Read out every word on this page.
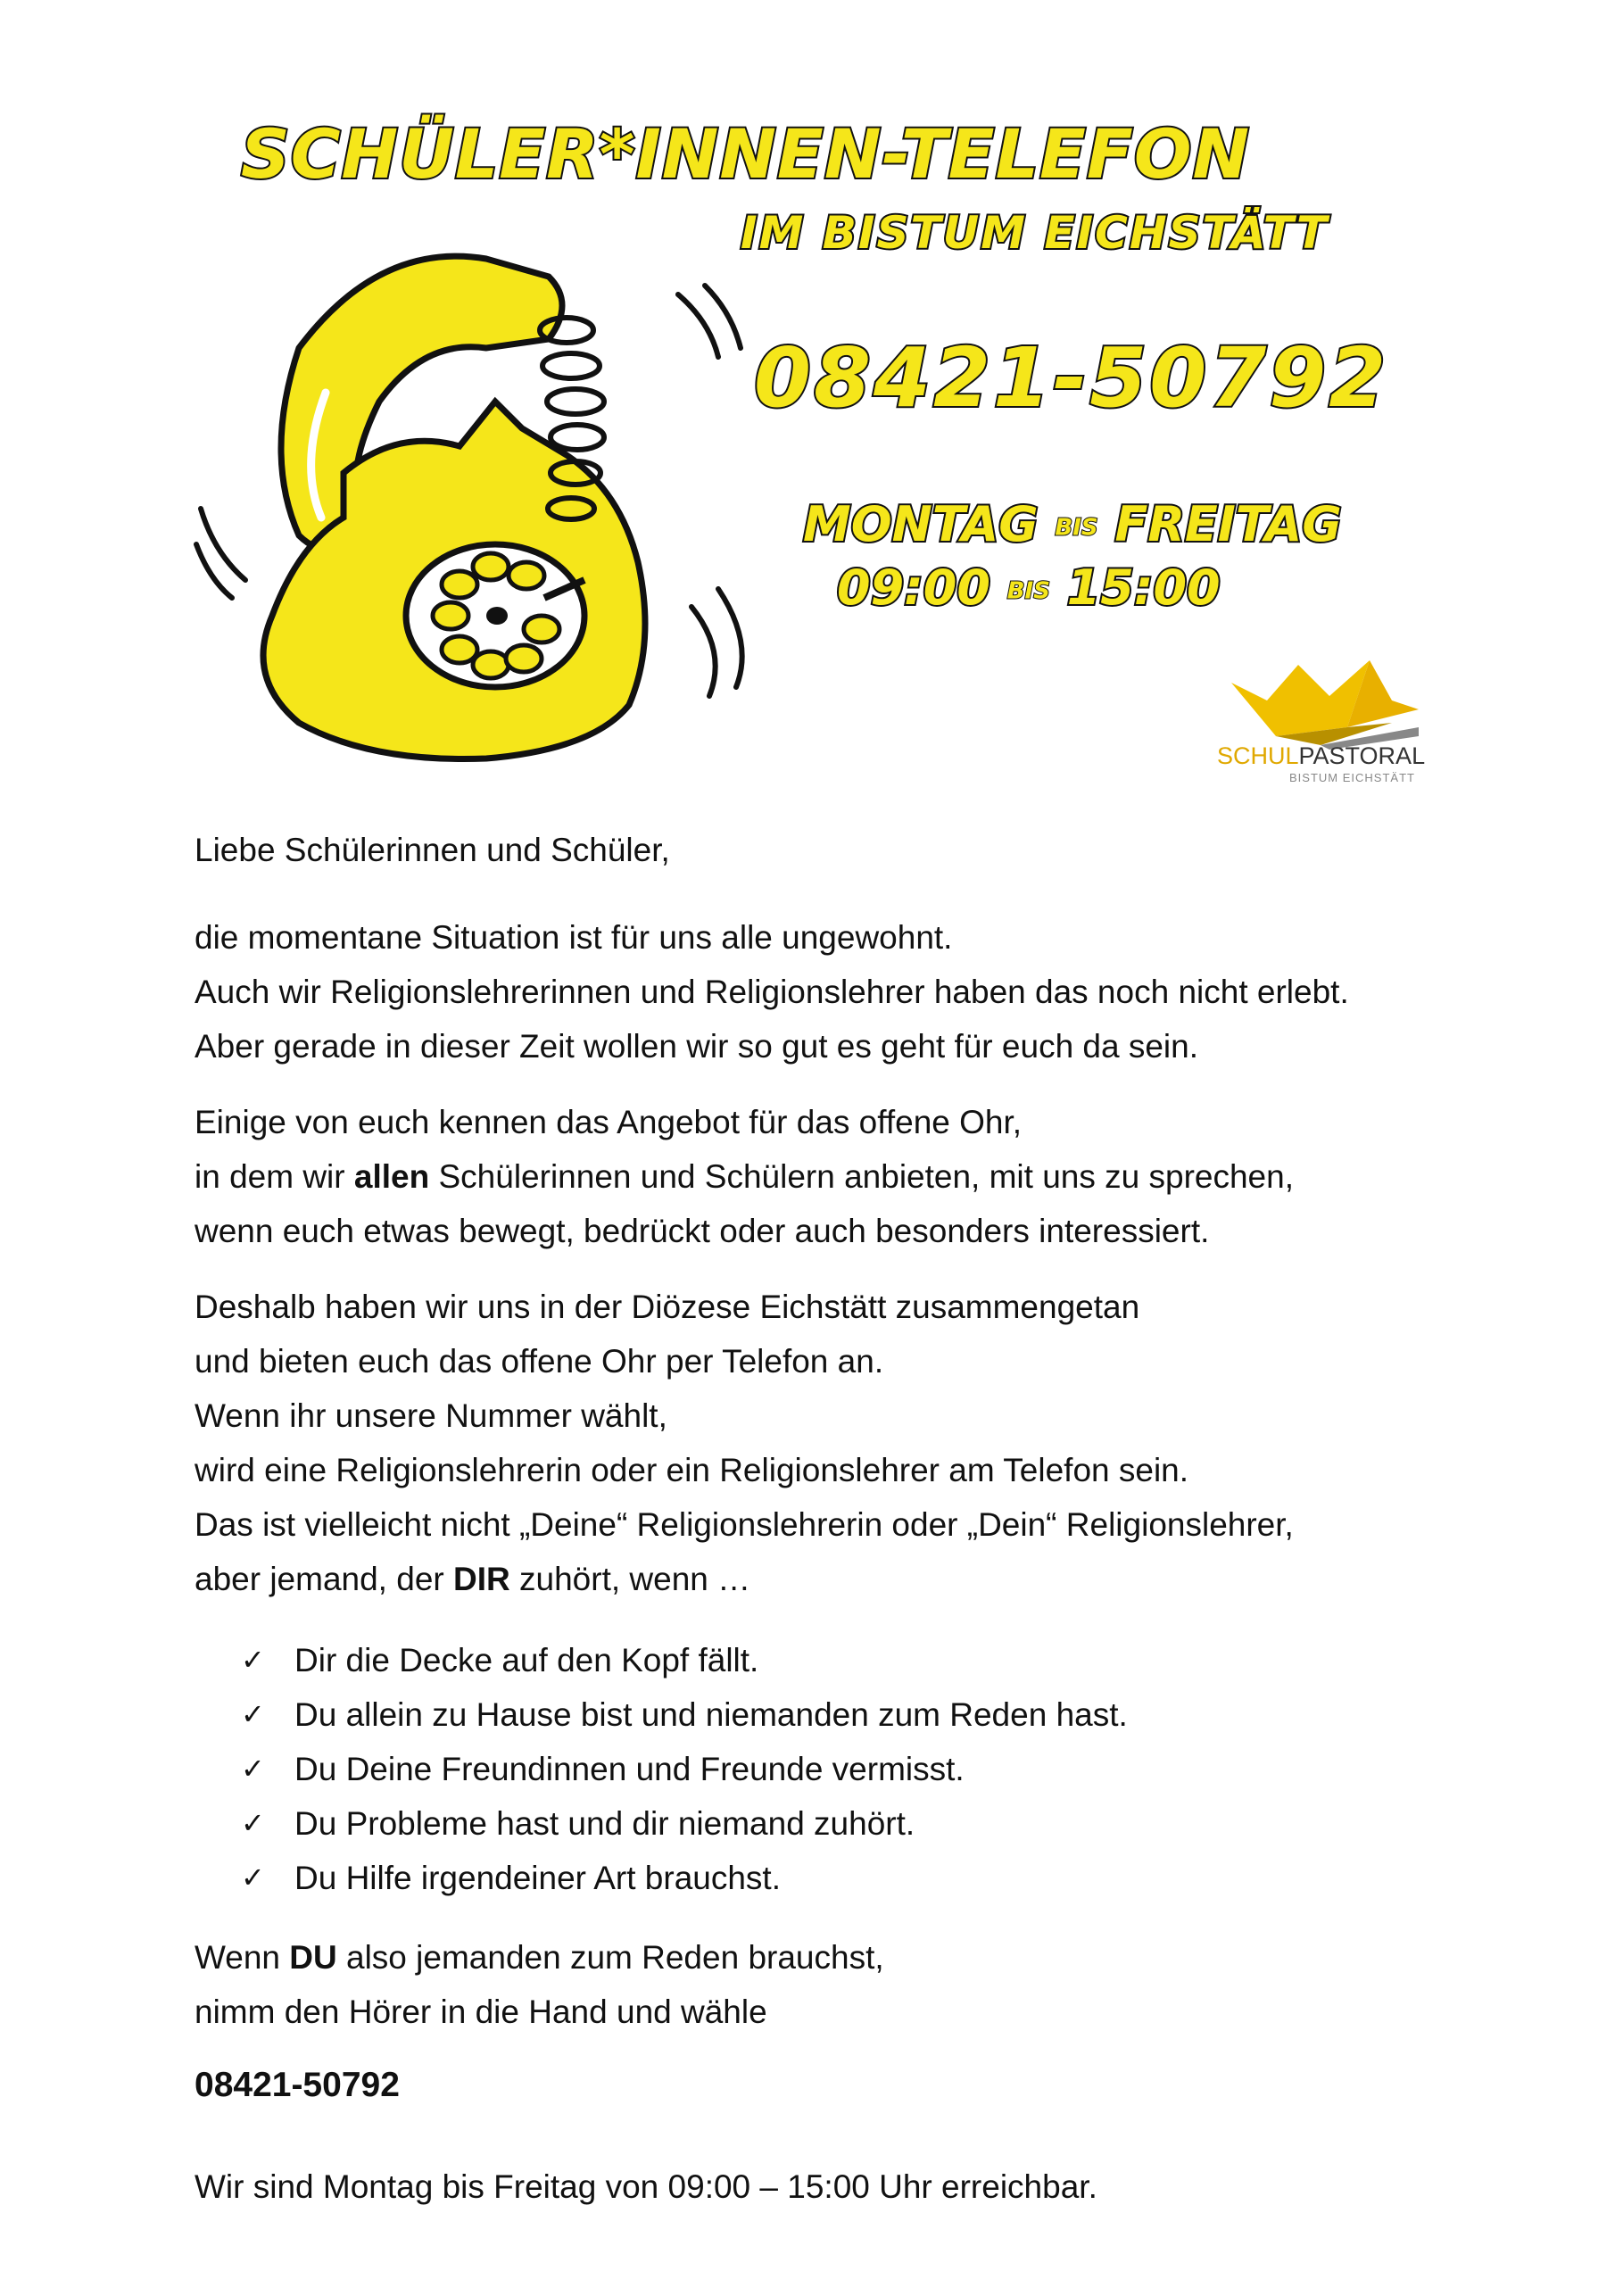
SCHÜLER*INNEN-TELEFON
IM BISTUM EICHSTÄTT
08421-50792
MONTAG BIS FREITAG
09:00 BIS 15:00
SCHULPASTORAL
BISTUM EICHSTÄTT
Liebe Schülerinnen und Schüler,

die momentane Situation ist für uns alle ungewohnt.

Auch wir Religionslehrerinnen und Religionslehrer haben das noch nicht erlebt.

Aber gerade in dieser Zeit wollen wir so gut es geht für euch da sein.

Einige von euch kennen das Angebot für das offene Ohr,

in dem wir allen Schülerinnen und Schülern anbieten, mit uns zu sprechen,

wenn euch etwas bewegt, bedrückt oder auch besonders interessiert.

Deshalb haben wir uns in der Diözese Eichstätt zusammengetan

und bieten euch das offene Ohr per Telefon an.

Wenn ihr unsere Nummer wählt,

wird eine Religionslehrerin oder ein Religionslehrer am Telefon sein.

Das ist vielleicht nicht „Deine“ Religionslehrerin oder „Dein“ Religionslehrer,

aber jemand, der DIR zuhört, wenn …

✓ Dir die Decke auf den Kopf fällt.
✓ Du allein zu Hause bist und niemanden zum Reden hast.
✓ Du Deine Freundinnen und Freunde vermisst.
✓ Du Probleme hast und dir niemand zuhört.
✓ Du Hilfe irgendeiner Art brauchst.

Wenn DU also jemanden zum Reden brauchst,

nimm den Hörer in die Hand und wähle

08421-50792
Wir sind Montag bis Freitag von 09:00 – 15:00 Uhr erreichbar.
